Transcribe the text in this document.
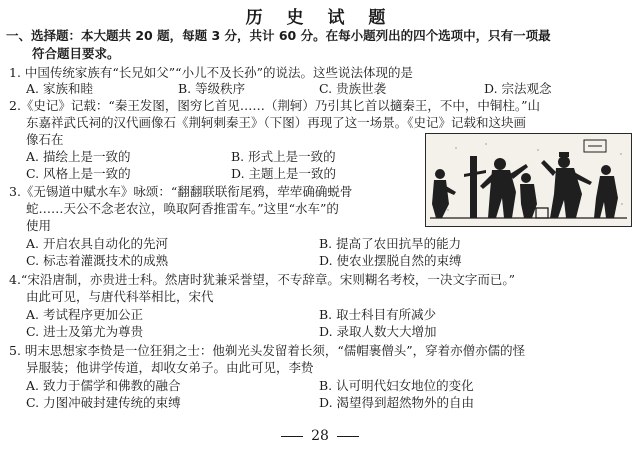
历 史 试 题
一、选择题：本大题共 20 题，每题 3 分，共计 60 分。在每小题列出的四个选项中，只有一项最
符合题目要求。
1. 中国传统家族有“长兄如父”“小儿不及长孙”的说法。这些说法体现的是
A. 家族和睦	B. 等级秩序	C. 贵族世袭	D. 宗法观念
2.《史记》记载：“秦王发图，图穷匕首见……（荆轲）乃引其匕首以擿秦王，不中，中铜柱。”山
东嘉祥武氏祠的汉代画像石《荆轲刺秦王》（下图）再现了这一场景。《史记》记载和这块画
像石在
A. 描绘上是一致的	B. 形式上是一致的
C. 风格上是一致的	D. 主题上是一致的
3.《无锡道中赋水车》咏颂：“翻翻联联衔尾鸦，荦荦确确蜕骨
蛇……天公不念老农泣，唤取阿香推雷车。”这里“水车”的
使用
A. 开启农具自动化的先河	B. 提高了农田抗旱的能力
C. 标志着灌溉技术的成熟	D. 使农业摆脱自然的束缚
4.“宋沿唐制，亦贵进士科。然唐时犹兼采誉望，不专辞章。宋则糊名考校，一决文字而已。”
由此可见，与唐代科举相比，宋代
A. 考试程序更加公正	B. 取士科目有所减少
C. 进士及第尤为尊贵	D. 录取人数大大增加
5. 明末思想家李贽是一位狂狷之士：他剃光头发留着长须，“儒帽裹僧头”，穿着亦僧亦儒的怪
异服装；他讲学传道，却收女弟子。由此可见，李贽
A. 致力于儒学和佛教的融合	B. 认可明代妇女地位的变化
C. 力图冲破封建传统的束缚	D. 渴望得到超然物外的自由
28
